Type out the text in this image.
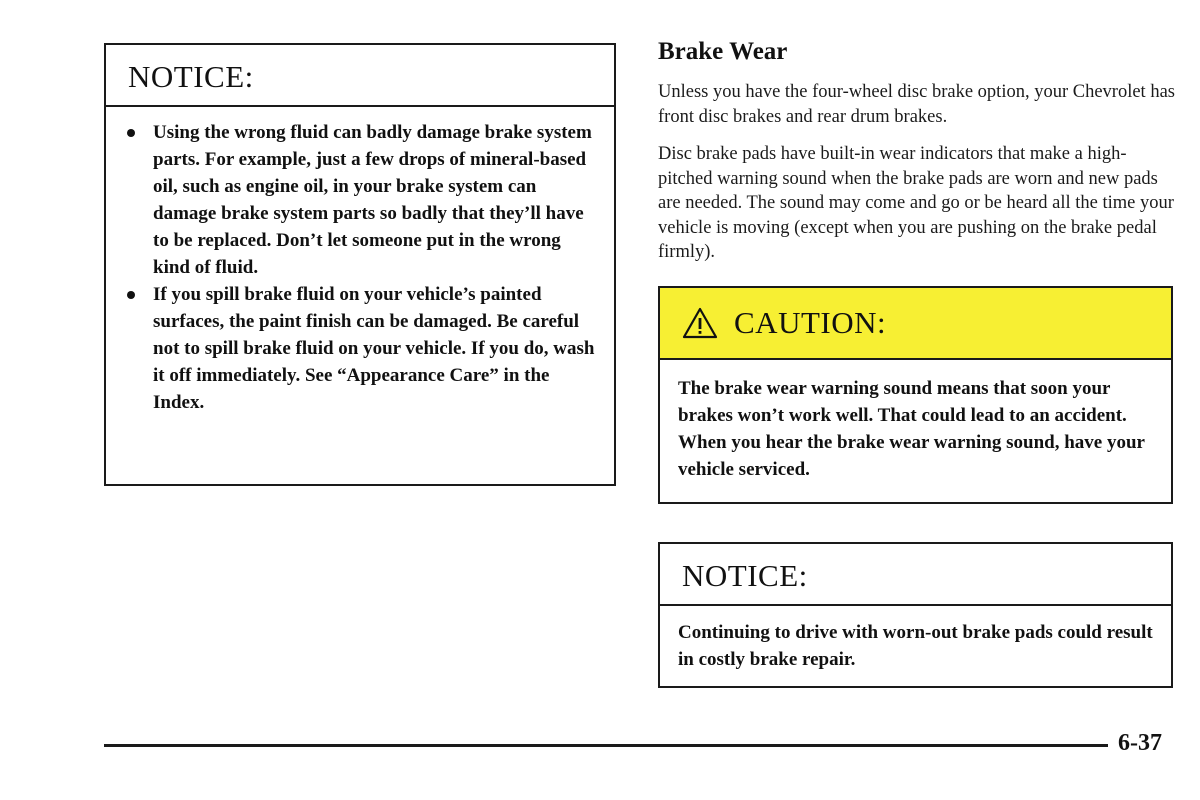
NOTICE:
Using the wrong fluid can badly damage brake system parts. For example, just a few drops of mineral-based oil, such as engine oil, in your brake system can damage brake system parts so badly that they’ll have to be replaced. Don’t let someone put in the wrong kind of fluid.
If you spill brake fluid on your vehicle’s painted surfaces, the paint finish can be damaged. Be careful not to spill brake fluid on your vehicle. If you do, wash it off immediately. See “Appearance Care” in the Index.
Brake Wear

Unless you have the four-wheel disc brake option, your Chevrolet has front disc brakes and rear drum brakes.

Disc brake pads have built-in wear indicators that make a high-pitched warning sound when the brake pads are worn and new pads are needed. The sound may come and go or be heard all the time your vehicle is moving (except when you are pushing on the brake pedal firmly).

CAUTION:
The brake wear warning sound means that soon your brakes won’t work well. That could lead to an accident. When you hear the brake wear warning sound, have your vehicle serviced.
NOTICE:
Continuing to drive with worn-out brake pads could result in costly brake repair.
6-37
